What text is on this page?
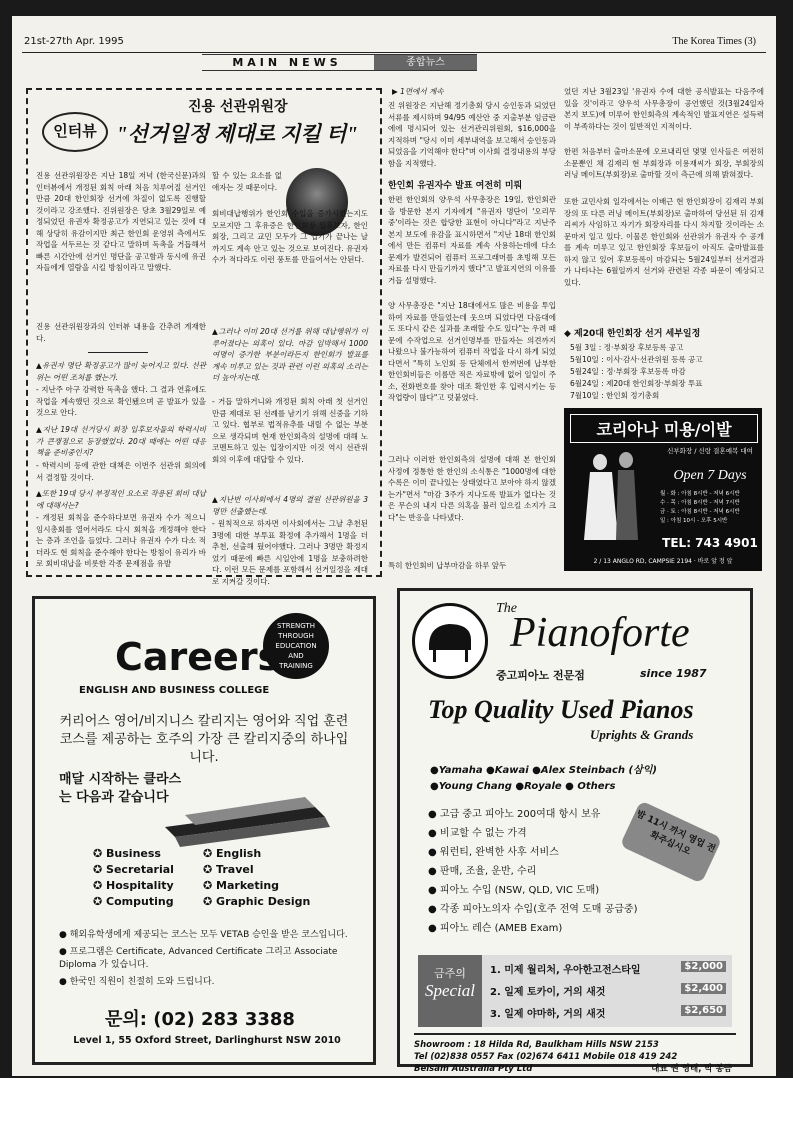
21st-27th Apr. 1995	The Korea Times (3)
MAIN NEWS	종합뉴스
인터뷰
진용 선관위원장
"선거일정 제대로 지킬 터"
진용 선관위원장은 지난 18일 저녁 (한국신문)과의 인터뷰에서 개정된 회칙 아래 처음 치루어질 선거인만큼 20대 한인회장 선거에 차질이 없도록 진행할 것이라고 강조했다. 진위원장은 당초 3월29일로 예정되었던 유권자 확정공고가 지연되고 있는 것에 대해 상당히 유감이지만 최근 한인회 운영위 측에서도 작업을 서두르는 것 같다고 말하며 독촉을 거듭해서 빠른 시간안에 선거인 명단을 공고함과 동시에 유권자들에게 열람을 시킬 방침이라고 말했다.
할 수 있는 요소를 없애자는 것 때문이다.
회비대납행위가 한인회 수입을 증가시켰는지도 모르지만 그 후유증은 한인회장 입후보자, 한인회장, 그리고 교민 모두가 그 입기가 끝나는 날까지도 계속 안고 있는 것으로 보여진다. 유권자 수가 적다라도 이런 풍토를 만들어서는 안된다.
진용 선관위원장과의 인터뷰 내용을 간추려 게재한다.
▲유권자 명단 확정공고가 많이 늦어지고 있다. 선관위는 어떤 조처를 했는가.
- 지난주 아구 강력한 독촉을 했다. 그 결과 연휴에도 작업을 계속했던 것으로 확인됐으며 곧 발표가 있을 것으로 안다.
▲지난 19대 선거당시 회장 입후보자들의 학력시비가 큰쟁점으로 등장했었다. 20대 때에는 어떤 대응책을 준비중인지?
- 학력시비 등에 관한 대책은 이번주 선관위 회의에서 결정할 것이다.
▲또한 19대 당시 부정적인 요소로 작용된 회비 대납에 대해서는?
- 개정된 회칙을 준수하다보면 유권자 수가 적으니 임시총회를 열어서라도 다시 회칙을 개정해야 한다는 층과 조언을 들었다. 그러나 유권자 수가 다소 적더라도 현 회칙을 준수해야 한다는 방침이 유리가 바로 회비대납을 비롯한 각종 문제점을 유발
▲그러나 이미 20대 선거를 위해 대납행위가 이루어졌다는 의혹이 있다. 마감 임박해서 1000여명이 증가한 부분이라든지 한인회가 발표를 계속 미루고 있는 것과 관련 이런 의혹의 소리는 더 높아지는데.
- 거듭 말하거니와 개정된 회칙 아래 첫 선거인만큼 제대로 된 선례를 남기기 위해 신중을 기하고 있다. 협부로 법적유추를 내릴 수 없는 부분으로 생각되며 현재 한인회측의 설명에 대해 노코멘트하고 있는 입장이지만 이것 역시 선관위 회의 이후에 대답할 수 있다.
▲지난번 이사회에서 4명의 결원 선관위원을 3명만 선출했는데.
- 원칙적으로 하자면 이사회에서는 그날 추천된 3명에 대한 부투표 확정에 추가해서 1명을 더 추천, 선출해 뒀어야했다. 그러나 3명만 확정지었기 때문에 빠른 시일안에 1명을 보충하려한다. 이런 모든 문제를 포함해서 선거일정을 제대로 지켜갈 것이다.
▶ 1면에서 계속
진 위원장은 지난해 정기총회 당시 승인동과 되었던 서류를 제시하며 94/95 예산안 중 지출부분 임금란에에 명시되어 있는 선거관리위원회, $16,000을 지적하며 "당시 이미 세부내역을 보고해서 승인동과 되었음을 기억해야 한다"며 이사회 결정내용의 부당함을 지적했다.
한인회 유권자수 발표 여전히 미뤄
한편 한인회의 양우석 사무총장은 19일, 한인회관을 방문한 본지 기자에게 "유권자 명단이 '오리무중'이라는 것은 합당한 표현이 아니다"라고 지난주 본지 보도에 유감을 표시하면서 "지난 18대 한인회에서 만든 컴퓨터 자료를 계속 사용하는데에 다소 문제가 발견되어 컴퓨터 프로그래머를 초빙해 모든 자료를 다시 만들기까지 했다"고 발표지연의 이유를 거듭 설명했다.
양 사무총장은 "지난 18대에서도 많은 비용을 투입하여 자료를 만들었는데 웃으며 되었다면 다음대에도 또다시 같은 실과를 초래할 수도 있다"는 우려 때문에 수작업으로 선거인명부를 만들자는 의견까지 나왔으나 불가능하여 컴퓨터 작업을 다시 하게 되었다면서 "특히 노인회 등 단체에서 한꺼번에 납부한 한인회비들은 이름만 적은 자료밖에 없어 일일이 주소, 전화번호를 찾아 대조 확인한 후 입력시키는 등 작업량이 많다"고 덧붙였다.
그러나 이러한 한인회측의 설명에 대해 본 한인회 사정에 정통한 한 한인의 소식통은 "1000명에 대한 수록은 이미 끝나있는 상태였다고 보아야 하지 않겠는가"면서 "마감 3주가 지나도록 발표가 없다는 것은 무슨의 내지 다른 의혹을 불러 일으킬 소지가 크다"는 반응을 나타냈다.
특히 한인회비 납부마감을 하루 앞두
었던 지난 3월23일 '유권자 수에 대한 공식발표는 다음주에 있을 것'이라고 양우석 사무총장이 공언했던 것(3월24일자 본지 보도)에 미루어 한인회측의 계속적인 발표지연은 설득력이 부족하다는 것이 일반적인 지적이다.
한편 처음부터 출마소문에 오르내리던 몇몇 인사들은 여전히 소문뿐인 채 김재리 현 부회장과 이용재씨가 회장, 부회장의 러닝 메이트(부회장)로 출마할 것이 측근에 의해 밝혀졌다.
또한 교민사회 일각에서는 이배근 현 한인회장이 김재리 부회장의 또 다른 러닝 메이트(부회장)로 출마하여 당선된 뒤 김재리씨가 사임하고 자기가 회장자리를 다시 차지할 것이라는 소문마저 일고 있다. 이물론 한인회와 선관위가 유권자 수 공개를 계속 미루고 있고 한인회장 후보들이 아직도 출마발표를 하지 않고 있어 후보등록이 마감되는 5월24일부터 선거결과가 나타나는 6월일까지 선거와 관련된 각종 파문이 예상되고 있다.
◆ 제20대 한인회장 선거 세부일정
5월 3일 : 정·부회장 후보등록 공고
5월10일 : 이사·감사·선관위원 등록 공고
5월24일 : 정·부회장 후보등록 마감
6월24일 : 제20대 한인회장·부회장 투표
7월10일 : 한인회 정기총회
코리아나 미용/이발
신부화장 / 신랑 결혼예복 대여
Open 7 Days
월 · 화 : 아침 8시반 - 저녁 6시반
수 · 목 : 아침 8시반 - 저녁 7시반
금 · 토 : 아침 8시반 - 저녁 6시반
일 : 아침 10시 - 오후 5시반
TEL: 743 4901
2 / 13 ANGLO RD, CAMPSIE 2194 · 바로 앞 정 앞
STRENGTH
THROUGH
EDUCATION
AND
TRAINING
Careers
ENGLISH AND BUSINESS COLLEGE
커리어스 영어/비지니스 칼리지는 영어와 직업 훈련코스를 제공하는 호주의 가장 큰 칼리지중의 하나입니다.
매달 시작하는 클라스는 다음과 같습니다
✪ Business	✪ English
✪ Secretarial	✪ Travel
✪ Hospitality	✪ Marketing
✪ Computing	✪ Graphic Design
● 해외유학생에게 제공되는 코스는 모두 VETAB 승인을 받은 코스입니다.
● 프로그램은 Certificate, Advanced Certificate 그리고 Associate Diploma 가 있습니다.
● 한국인 직원이 친절히 도와 드립니다.
문의: (02) 283 3388
Level 1, 55 Oxford Street, Darlinghurst NSW 2010
The
Pianoforte
중고피아노 전문점	since 1987
Top Quality Used Pianos
Uprights & Grands
●Yamaha ●Kawai ●Alex Steinbach (삼익)
●Young Chang ●Royale ● Others
● 고급 중고 피아노 200여대 항시 보유
● 비교할 수 없는 가격
● 워런티, 완벽한 사후 서비스
● 판매, 조율, 운반, 수리
● 피아노 수입 (NSW, QLD, VIC 도매)
● 각종 피아노의자 수입(호주 전역 도매 공급중)
● 피아노 레슨 (AMEB Exam)
밤 11시 까지 영업 전화주십시오
금주의
Special
1. 미제 월리처, 우아한고전스타일	$2,000
2. 일제 토카이, 거의 새것	$2,400
3. 일제 야마하, 거의 새것	$2,650
Showroom : 18 Hilda Rd, Baulkham Hills NSW 2153
Tel (02)838 0557 Fax (02)674 6411 Mobile 018 419 242
Belsam Australia Pty Ltd	대표 권 영태, 박 봉금
